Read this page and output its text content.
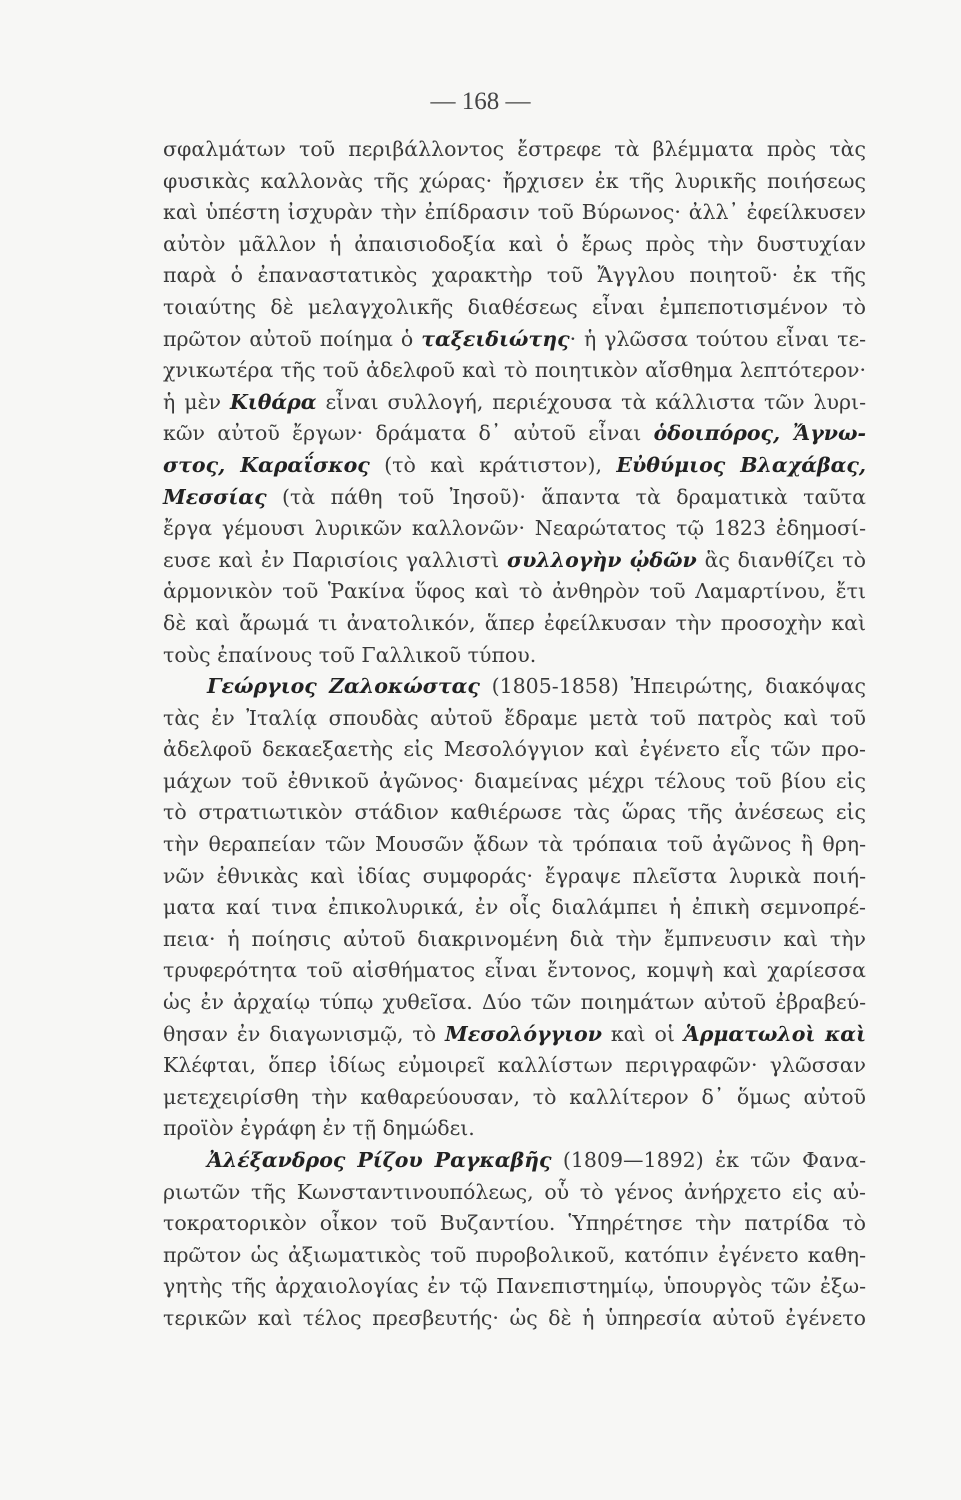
— 168 —
σφαλμάτων τοῦ περιβάλλοντος ἔστρεφε τὰ βλέμματα πρὸς τὰς
φυσικὰς καλλονὰς τῆς χώρας· ἤρχισεν ἐκ τῆς λυρικῆς ποιήσεως
καὶ ὑπέστη ἰσχυρὰν τὴν ἐπίδρασιν τοῦ Βύρωνος· ἀλλ᾽ ἐφείλκυσεν
αὐτὸν μᾶλλον ἡ ἀπαισιοδοξία καὶ ὁ ἔρως πρὸς τὴν δυστυχίαν
παρὰ ὁ ἐπαναστατικὸς χαρακτὴρ τοῦ Ἄγγλου ποιητοῦ· ἐκ τῆς
τοιαύτης δὲ μελαγχολικῆς διαθέσεως εἶναι ἐμπεποτισμένον τὸ
πρῶτον αὐτοῦ ποίημα ὁ ταξειδιώτης· ἡ γλῶσσα τούτου εἶναι τε-
χνικωτέρα τῆς τοῦ ἀδελφοῦ καὶ τὸ ποιητικὸν αἴσθημα λεπτότερον·
ἡ μὲν Κιθάρα εἶναι συλλογή, περιέχουσα τὰ κάλλιστα τῶν λυρι-
κῶν αὐτοῦ ἔργων· δράματα δ᾽ αὐτοῦ εἶναι ὁδοιπόρος, Ἄγνω-
στος, Καραΐσκος (τὸ καὶ κράτιστον), Εὐθύμιος Βλαχάβας,
Μεσσίας (τὰ πάθη τοῦ Ἰησοῦ)· ἅπαντα τὰ δραματικὰ ταῦτα
ἔργα γέμουσι λυρικῶν καλλονῶν· Νεαρώτατος τῷ 1823 ἐδημοσί-
ευσε καὶ ἐν Παρισίοις γαλλιστὶ συλλογὴν ᾠδῶν ἃς διανθίζει τὸ
ἁρμονικὸν τοῦ Ῥακίνα ὕφος καὶ τὸ ἀνθηρὸν τοῦ Λαμαρτίνου, ἔτι
δὲ καὶ ἄρωμά τι ἀνατολικόν, ἅπερ ἐφείλκυσαν τὴν προσοχὴν καὶ
τοὺς ἐπαίνους τοῦ Γαλλικοῦ τύπου.
Γεώργιος Ζαλοκώστας (1805-1858) Ἠπειρώτης, διακόψας
τὰς ἐν Ἰταλίᾳ σπουδὰς αὐτοῦ ἔδραμε μετὰ τοῦ πατρὸς καὶ τοῦ
ἀδελφοῦ δεκαεξαετὴς εἰς Μεσολόγγιον καὶ ἐγένετο εἷς τῶν προ-
μάχων τοῦ ἐθνικοῦ ἀγῶνος· διαμείνας μέχρι τέλους τοῦ βίου εἰς
τὸ στρατιωτικὸν στάδιον καθιέρωσε τὰς ὥρας τῆς ἀνέσεως εἰς
τὴν θεραπείαν τῶν Μουσῶν ᾄδων τὰ τρόπαια τοῦ ἀγῶνος ἢ θρη-
νῶν ἐθνικὰς καὶ ἰδίας συμφοράς· ἔγραψε πλεῖστα λυρικὰ ποιή-
ματα καί τινα ἐπικολυρικά, ἐν οἷς διαλάμπει ἡ ἐπικὴ σεμνοπρέ-
πεια· ἡ ποίησις αὐτοῦ διακρινομένη διὰ τὴν ἔμπνευσιν καὶ τὴν
τρυφερότητα τοῦ αἰσθήματος εἶναι ἔντονος, κομψὴ καὶ χαρίεσσα
ὡς ἐν ἀρχαίῳ τύπῳ χυθεῖσα. Δύο τῶν ποιημάτων αὐτοῦ ἐβραβεύ-
θησαν ἐν διαγωνισμῷ, τὸ Μεσολόγγιον καὶ οἱ Ἁρματωλοὶ καὶ
Κλέφται, ὅπερ ἰδίως εὐμοιρεῖ καλλίστων περιγραφῶν· γλῶσσαν
μετεχειρίσθη τὴν καθαρεύουσαν, τὸ καλλίτερον δ᾽ ὅμως αὐτοῦ
προϊὸν ἐγράφη ἐν τῇ δημώδει.
Ἀλέξανδρος Ρίζου Ραγκαβῆς (1809—1892) ἐκ τῶν Φανα-
ριωτῶν τῆς Κωνσταντινουπόλεως, οὗ τὸ γένος ἀνήρχετο εἰς αὐ-
τοκρατορικὸν οἶκον τοῦ Βυζαντίου. Ὑπηρέτησε τὴν πατρίδα τὸ
πρῶτον ὡς ἀξιωματικὸς τοῦ πυροβολικοῦ, κατόπιν ἐγένετο καθη-
γητὴς τῆς ἀρχαιολογίας ἐν τῷ Πανεπιστημίῳ, ὑπουργὸς τῶν ἐξω-
τερικῶν καὶ τέλος πρεσβευτής· ὡς δὲ ἡ ὑπηρεσία αὐτοῦ ἐγένετο
